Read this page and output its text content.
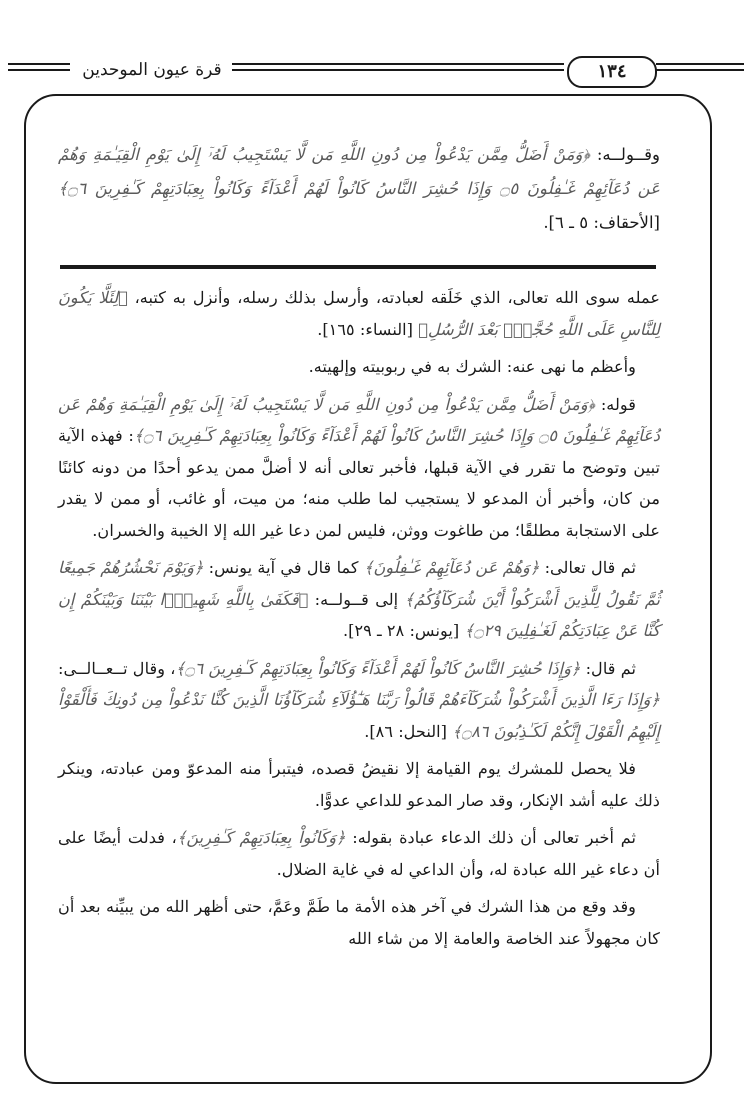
قرة عيون الموحدين	١٣٤
وقــولــه: ﴿وَمَنْ أَضَلُّ مِمَّن يَدْعُواْ مِن دُونِ اللَّهِ مَن لَّا يَسْتَجِيبُ لَهُۥٓ إِلَىٰ يَوْمِ الْقِيَـٰمَةِ وَهُمْ عَن دُعَآئِهِمْ غَـٰفِلُونَ ۝٥ وَإِذَا حُشِرَ النَّاسُ كَانُواْ لَهُمْ أَعْدَآءً وَكَانُواْ بِعِبَادَتِهِمْ كَـٰفِرِينَ ۝٦﴾ [الأحقاف: ٥ ـ ٦].

عمله سوى الله تعالى، الذي خَلَقه لعبادته، وأرسل بذلك رسله، وأنزل به كتبه، ﴿لِئَلَّا يَكُونَ لِلنَّاسِ عَلَى اللَّهِ حُجَّةٌۢ بَعْدَ الرُّسُلِ﴾ [النساء: ١٦٥].

وأعظم ما نهى عنه: الشرك به في ربوبيته وإلهيته.

قوله: ﴿وَمَنْ أَضَلُّ مِمَّن يَدْعُواْ مِن دُونِ اللَّهِ مَن لَّا يَسْتَجِيبُ لَهُۥٓ إِلَىٰ يَوْمِ الْقِيَـٰمَةِ وَهُمْ عَن دُعَآئِهِمْ غَـٰفِلُونَ ۝٥ وَإِذَا حُشِرَ النَّاسُ كَانُواْ لَهُمْ أَعْدَآءً وَكَانُواْ بِعِبَادَتِهِمْ كَـٰفِرِينَ ۝٦﴾: فهذه الآية تبين وتوضح ما تقرر في الآية قبلها، فأخبر تعالى أنه لا أضلَّ ممن يدعو أحدًا من دونه كائنًا من كان، وأخبر أن المدعو لا يستجيب لما طلب منه؛ من ميت، أو غائب، أو ممن لا يقدر على الاستجابة مطلقًا؛ من طاغوت ووثن، فليس لمن دعا غير الله إلا الخيبة والخسران.

ثم قال تعالى: ﴿وَهُمْ عَن دُعَآئِهِمْ غَـٰفِلُونَ﴾ كما قال في آية يونس: ﴿وَيَوْمَ نَحْشُرُهُمْ جَمِيعًا ثُمَّ نَقُولُ لِلَّذِينَ أَشْرَكُواْ أَيْنَ شُرَكَآؤُكُمُ﴾ إلى قــولــه: ﴿فَكَفَىٰ بِاللَّهِ شَهِيدًۢا بَيْنَنَا وَبَيْنَكُمْ إِن كُنَّا عَنْ عِبَادَتِكُمْ لَغَـٰفِلِينَ ۝٢٩﴾ [يونس: ٢٨ ـ ٢٩].

ثم قال: ﴿وَإِذَا حُشِرَ النَّاسُ كَانُواْ لَهُمْ أَعْدَآءً وَكَانُواْ بِعِبَادَتِهِمْ كَـٰفِرِينَ ۝٦﴾، وقال تــعــالــى: ﴿وَإِذَا رَءَا الَّذِينَ أَشْرَكُواْ شُرَكَآءَهُمْ قَالُواْ رَبَّنَا هَـٰٓؤُلَآءِ شُرَكَآؤُنَا الَّذِينَ كُنَّا نَدْعُواْ مِن دُونِكَ فَأَلْقَوْاْ إِلَيْهِمُ الْقَوْلَ إِنَّكُمْ لَكَـٰذِبُونَ ۝٨٦﴾ [النحل: ٨٦].

فلا يحصل للمشرك يوم القيامة إلا نقيضُ قصده، فيتبرأ منه المدعوّ ومن عبادته، وينكر ذلك عليه أشد الإنكار، وقد صار المدعو للداعي عدوًّا.

ثم أخبر تعالى أن ذلك الدعاء عبادة بقوله: ﴿وَكَانُواْ بِعِبَادَتِهِمْ كَـٰفِرِينَ﴾، فدلت أيضًا على أن دعاء غير الله عبادة له، وأن الداعي له في غاية الضلال.

وقد وقع من هذا الشرك في آخر هذه الأمة ما طَمَّ وعَمَّ، حتى أظهر الله من يبيِّنه بعد أن كان مجهولاً عند الخاصة والعامة إلا من شاء الله
